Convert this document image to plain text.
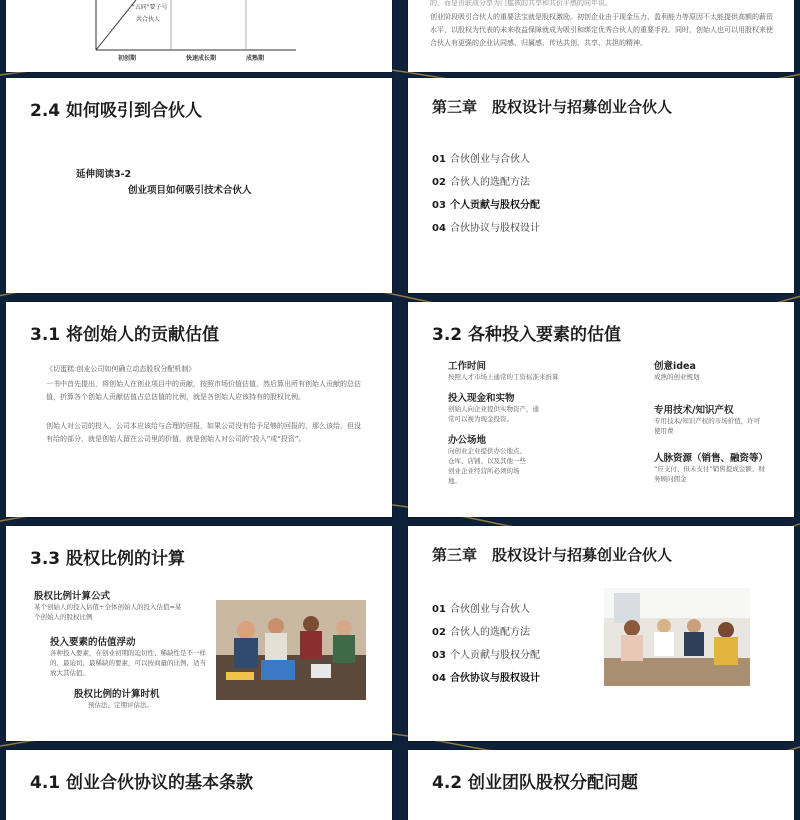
"五同"要子号
共合伙人
初创期	快速成长期	成熟期
的，而是由联战分享为门槛被的共享和共价平感的同年说。
创业阶段吸引合伙人的重要法宝就是股权激励。初创企业由于现金压力、盈利能力等原因不太能提供高额的薪资水平，以股权为代表的未来收益保障就成为吸引和绑定优秀合伙人的重要手段。同时，创始人也可以用股权来使合伙人有更强的企业认同感、归属感，传达共创、共享、共担的精神。
2.4 如何吸引到合伙人
延伸阅读3-2
创业项目如何吸引技术合伙人
第三章　股权设计与招募创业合伙人
01 合伙创业与合伙人
02 合伙人的选配方法
03 个人贡献与股权分配
04 合伙协议与股权设计
3.1 将创始人的贡献估值
《切蛋糕:创业公司如何确立动态股权分配机制》
一书中首先提出，将创始人在创业项目中的贡献，按照市场价值估值，然后算出所有创始人贡献的总估值，折算各个创始人贡献估值占总估值的比例，就是各创始人应该持有的股权比例。
创始人对公司的投入，公司本应该给与合理的回报，如果公司没有给予足够的回报的，那么该给，但没有给的部分，就是创始人留在公司里的价值，就是创始人对公司的“投入”或“投资”。
3.2 各种投入要素的估值
工作时间
按照人才市场上通常的工资标准来折算
投入现金和实物
创始人向企业提供实物资产，通常可以视为现金投资。
办公场地
向创业企业提供办公地点、仓库、店铺、以及其他一些创业企业经营所必须的场地。
创意idea
成熟的创业规划
专用技术/知识产权
专用技术/知识产权的市场价值，许可使用费
人脉资源（销售、融资等）
“应支付、但未支付”销售提成金额、财务顾问佣金
3.3 股权比例的计算
股权比例计算公式
某个创始人的投入估值÷全体创始人的投入估值=某个创始人的股权比例
投入要素的估值浮动
各种投入要素，在创业初期的迫切性、稀缺性是不一样的，最迫切、最稀缺的要素，可以按商量的比例，适当放大其估值。
股权比例的计算时机
预估法、定期评估法。
第三章　股权设计与招募创业合伙人
01 合伙创业与合伙人
02 合伙人的选配方法
03 个人贡献与股权分配
04 合伙协议与股权设计
4.1 创业合伙协议的基本条款	4.2 创业团队股权分配问题
